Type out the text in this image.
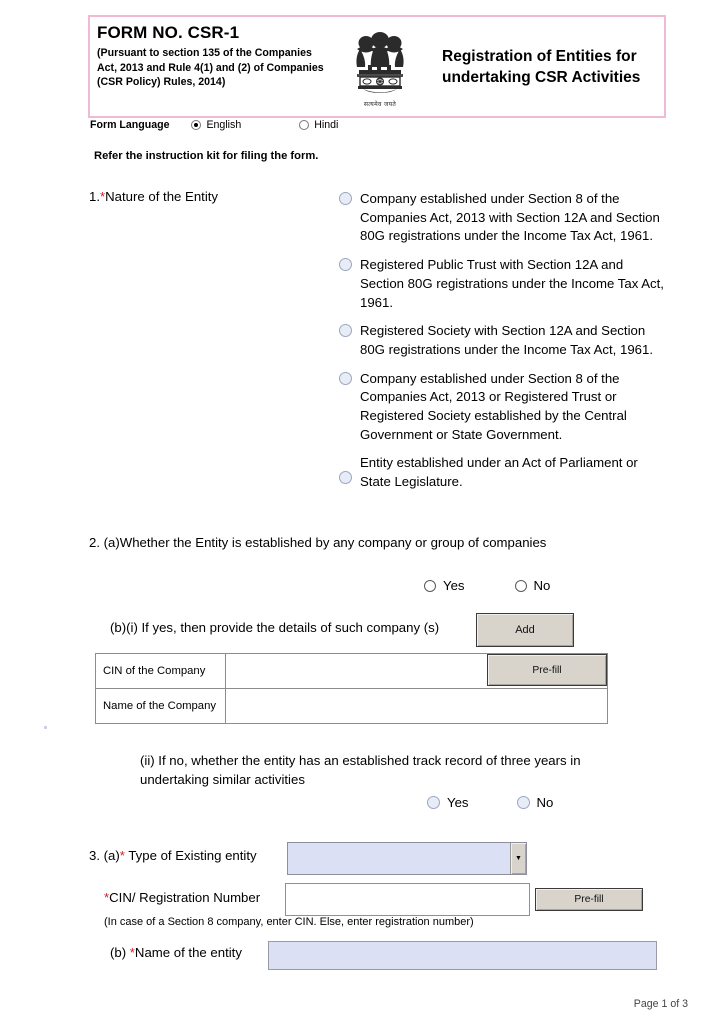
FORM NO. CSR-1
(Pursuant to section 135 of the Companies Act, 2013 and Rule 4(1) and (2) of Companies (CSR Policy) Rules, 2014)
सत्यमेव जयते
Registration of Entities for undertaking CSR Activities
Form Language	English	Hindi
Refer the instruction kit for filing the form.
1.*Nature of the Entity	Company established under Section 8 of the Companies Act, 2013 with Section 12A and Section 80G registrations under the Income Tax Act, 1961.
Registered Public Trust with Section 12A and Section 80G registrations under the Income Tax Act, 1961.
Registered Society with Section 12A and Section 80G registrations under the Income Tax Act, 1961.
Company established under Section 8 of the Companies Act, 2013 or Registered Trust or Registered Society established by the Central Government or State Government.
Entity established under an Act of Parliament or State Legislature.
2. (a)Whether the Entity is established by any company or group of companies
Yes	No
(b)(i) If yes, then provide the details of such company (s)	Add
CIN of the Company	Pre-fill

Name of the Company	
(ii) If no, whether the entity has an established track record of three years in undertaking similar activities
Yes	No
3. (a)* Type of Existing entity	▼
*CIN/ Registration Number	Pre-fill
(In case of a Section 8 company, enter CIN. Else, enter registration number)
(b) *Name of the entity
Page 1 of 3
